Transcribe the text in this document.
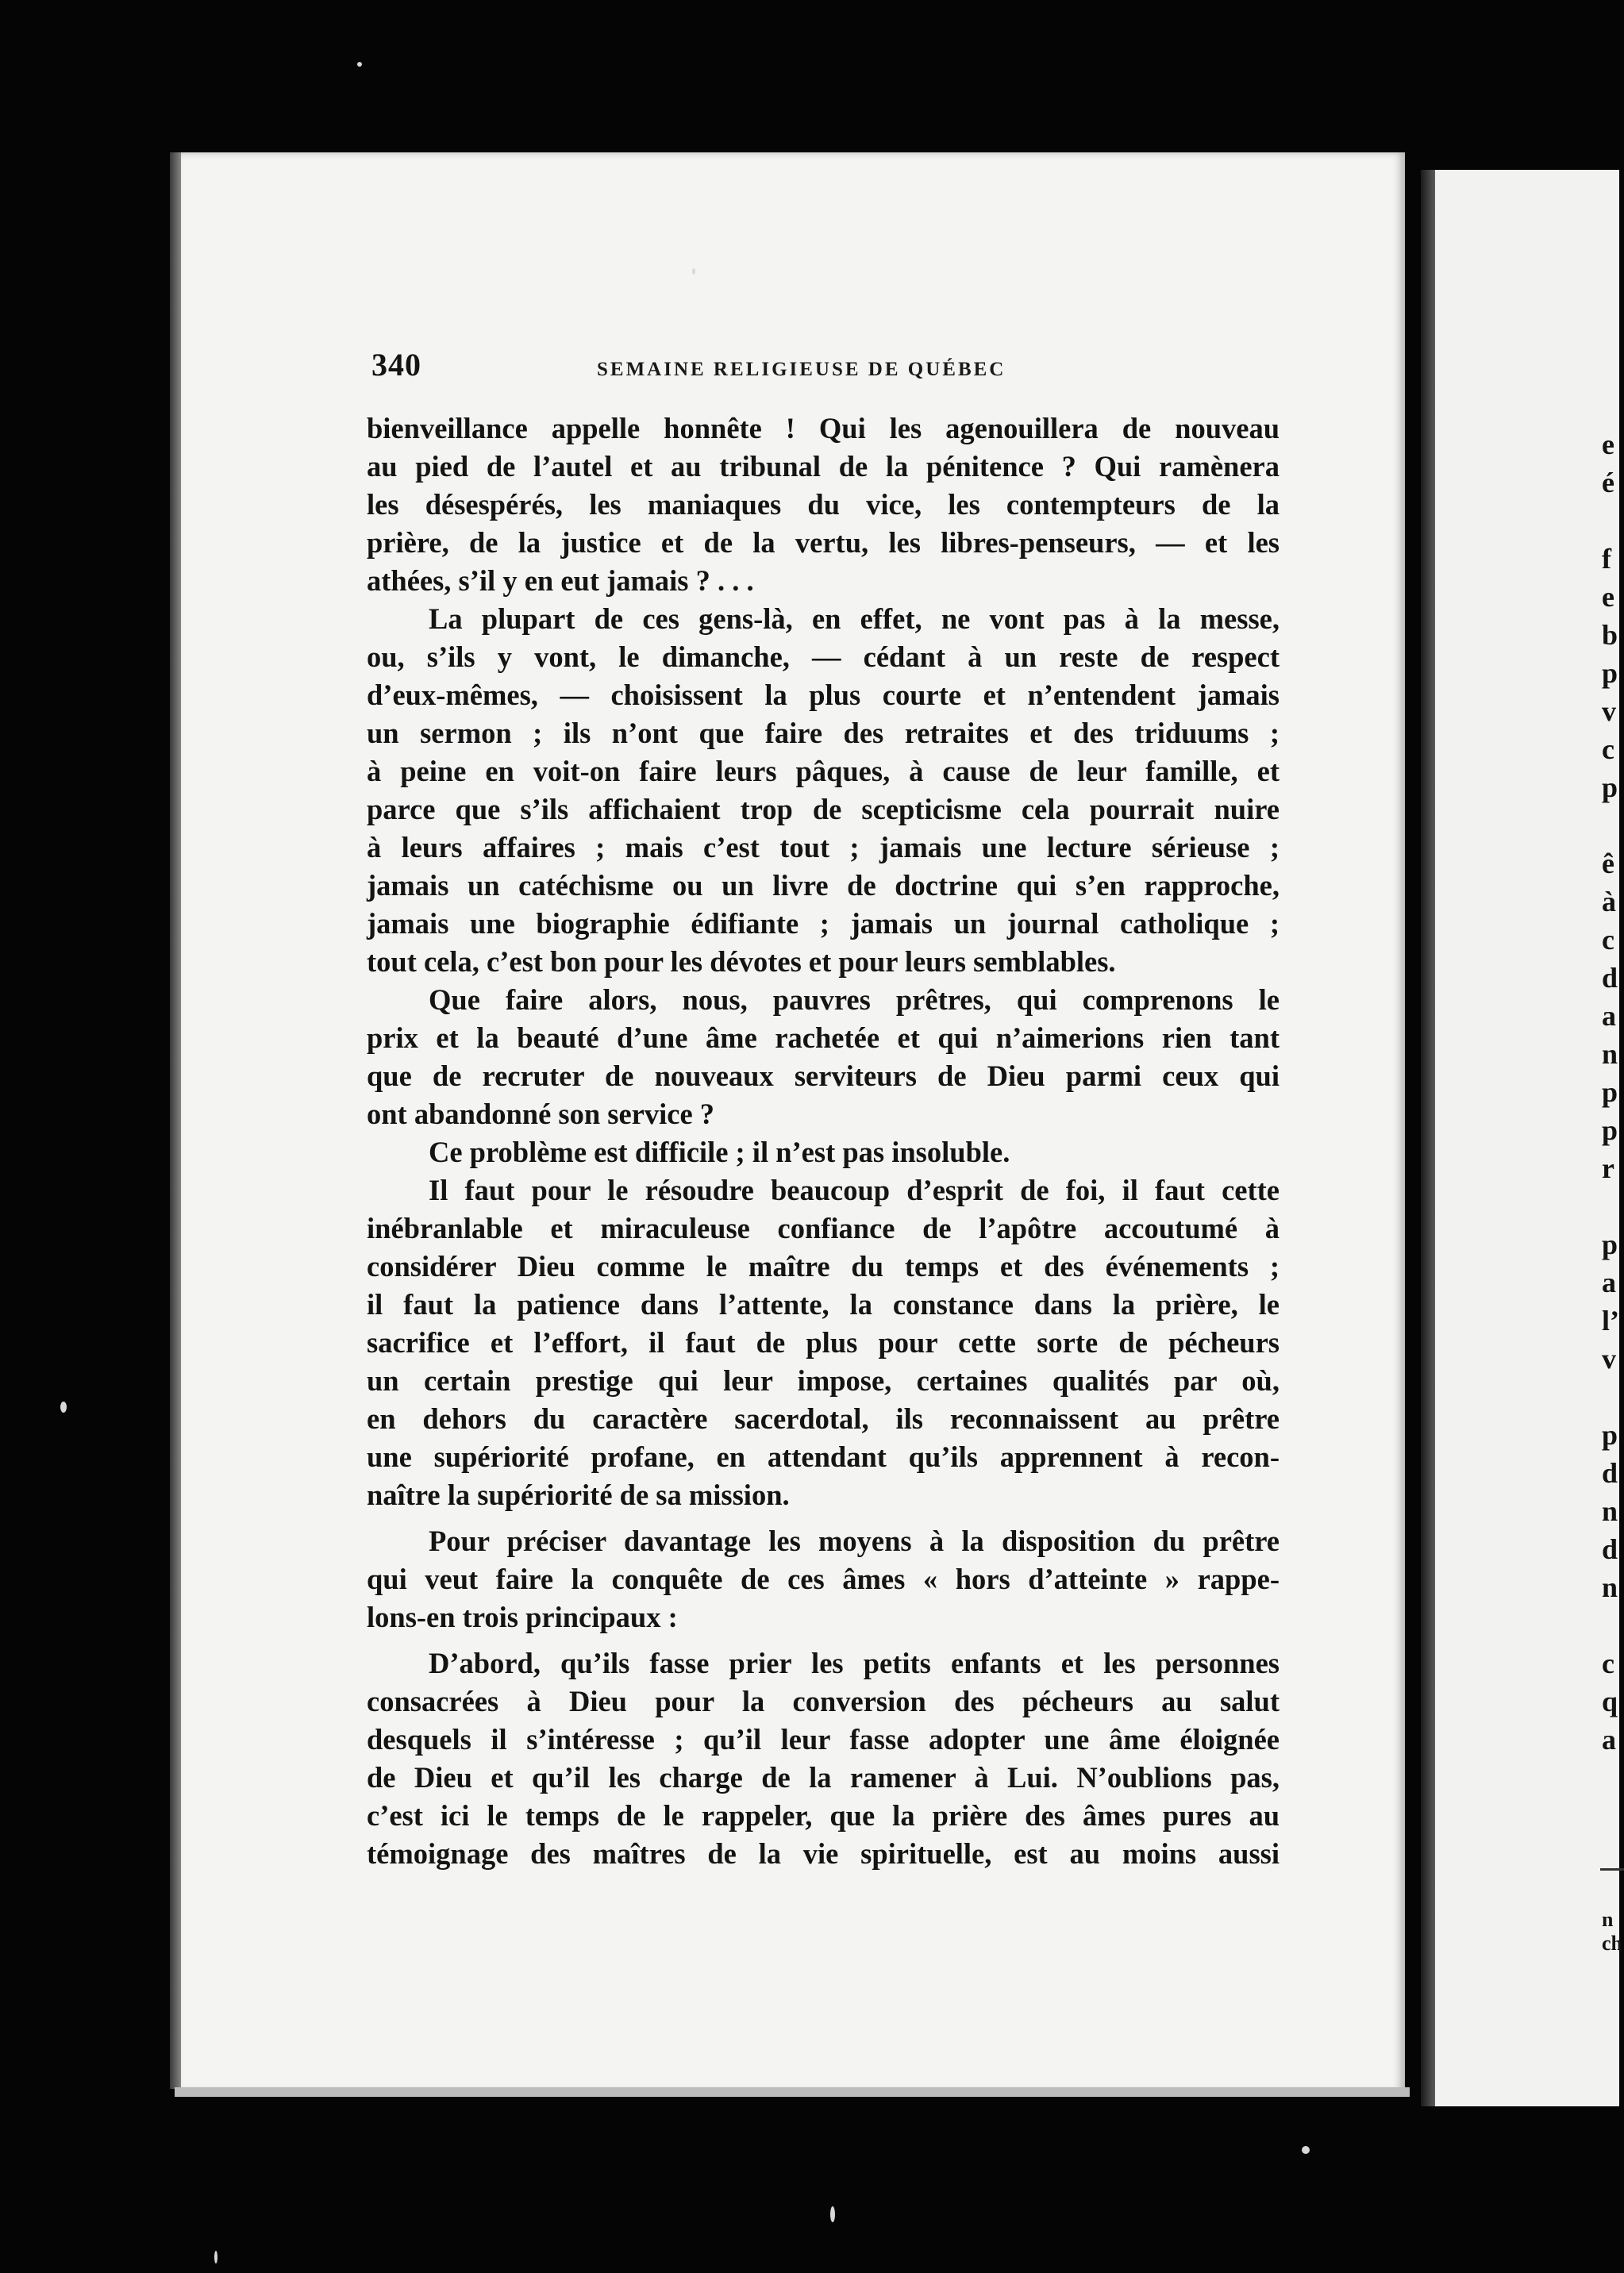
340	SEMAINE RELIGIEUSE DE QUÉBEC
bienveillance appelle honnête ! Qui les agenouillera de nouveau
au pied de l’autel et au tribunal de la pénitence ? Qui ramènera
les désespérés, les maniaques du vice, les contempteurs de la
prière, de la justice et de la vertu, les libres-penseurs, — et les
athées, s’il y en eut jamais ? . . .
La plupart de ces gens-là, en effet, ne vont pas à la messe,
ou, s’ils y vont, le dimanche, — cédant à un reste de respect
d’eux-mêmes, — choisissent la plus courte et n’entendent jamais
un sermon ; ils n’ont que faire des retraites et des triduums ;
à peine en voit-on faire leurs pâques, à cause de leur famille, et
parce que s’ils affichaient trop de scepticisme cela pourrait nuire
à leurs affaires ; mais c’est tout ; jamais une lecture sérieuse ;
jamais un catéchisme ou un livre de doctrine qui s’en rapproche,
jamais une biographie édifiante ; jamais un journal catholique ;
tout cela, c’est bon pour les dévotes et pour leurs semblables.
Que faire alors, nous, pauvres prêtres, qui comprenons le
prix et la beauté d’une âme rachetée et qui n’aimerions rien tant
que de recruter de nouveaux serviteurs de Dieu parmi ceux qui
ont abandonné son service ?
Ce problème est difficile ; il n’est pas insoluble.
Il faut pour le résoudre beaucoup d’esprit de foi, il faut cette
inébranlable et miraculeuse confiance de l’apôtre accoutumé à
considérer Dieu comme le maître du temps et des événements ;
il faut la patience dans l’attente, la constance dans la prière, le
sacrifice et l’effort, il faut de plus pour cette sorte de pécheurs
un certain prestige qui leur impose, certaines qualités par où,
en dehors du caractère sacerdotal, ils reconnaissent au prêtre
une supériorité profane, en attendant qu’ils apprennent à recon-
naître la supériorité de sa mission.
Pour préciser davantage les moyens à la disposition du prêtre
qui veut faire la conquête de ces âmes « hors d’atteinte » rappe-
lons-en trois principaux :
D’abord, qu’ils fasse prier les petits enfants et les personnes
consacrées à Dieu pour la conversion des pécheurs au salut
desquels il s’intéresse ; qu’il leur fasse adopter une âme éloignée
de Dieu et qu’il les charge de la ramener à Lui. N’oublions pas,
c’est ici le temps de le rappeler, que la prière des âmes pures au
témoignage des maîtres de la vie spirituelle, est au moins aussi
e
é
f
e
b
p
v
c
p
ê
à
c
d
a
n
p
p
r
p
a
l’
v
p
d
n
d
n
c
q
a
n
ch
